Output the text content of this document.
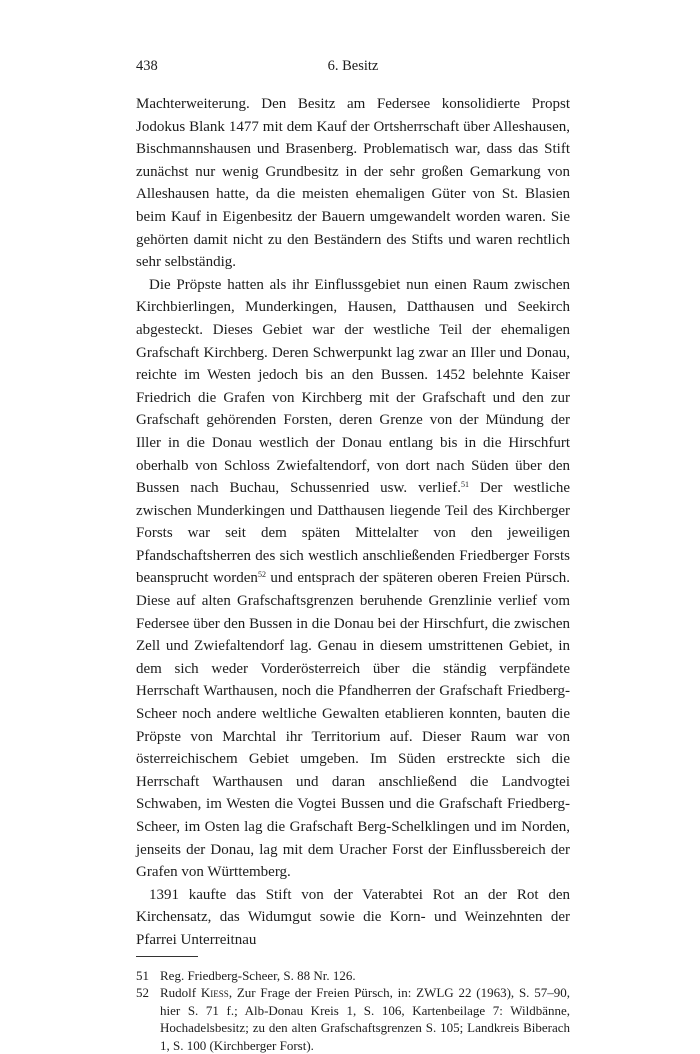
438	6. Besitz

Machterweiterung. Den Besitz am Federsee konsolidierte Propst Jodokus Blank 1477 mit dem Kauf der Ortsherrschaft über Alleshausen, Bischmannshausen und Brasenberg. Problematisch war, dass das Stift zunächst nur wenig Grundbesitz in der sehr großen Gemarkung von Alleshausen hatte, da die meisten ehemaligen Güter von St. Blasien beim Kauf in Eigenbesitz der Bauern umgewandelt worden waren. Sie gehörten damit nicht zu den Beständern des Stifts und waren rechtlich sehr selbständig.

Die Pröpste hatten als ihr Einflussgebiet nun einen Raum zwischen Kirchbierlingen, Munderkingen, Hausen, Datthausen und Seekirch abgesteckt. Dieses Gebiet war der westliche Teil der ehemaligen Grafschaft Kirchberg. Deren Schwerpunkt lag zwar an Iller und Donau, reichte im Westen jedoch bis an den Bussen. 1452 belehnte Kaiser Friedrich die Grafen von Kirchberg mit der Grafschaft und den zur Grafschaft gehörenden Forsten, deren Grenze von der Mündung der Iller in die Donau westlich der Donau entlang bis in die Hirschfurt oberhalb von Schloss Zwiefaltendorf, von dort nach Süden über den Bussen nach Buchau, Schussenried usw. verlief.$^{51}$ Der westliche zwischen Munderkingen und Datthausen liegende Teil des Kirchberger Forsts war seit dem späten Mittelalter von den jeweiligen Pfandschaftsherren des sich westlich anschließenden Friedberger Forsts beansprucht worden$^{52}$ und entsprach der späteren oberen Freien Pürsch. Diese auf alten Grafschaftsgrenzen beruhende Grenzlinie verlief vom Federsee über den Bussen in die Donau bei der Hirschfurt, die zwischen Zell und Zwiefaltendorf lag. Genau in diesem umstrittenen Gebiet, in dem sich weder Vorderösterreich über die ständig verpfändete Herrschaft Warthausen, noch die Pfandherren der Grafschaft Friedberg-Scheer noch andere weltliche Gewalten etablieren konnten, bauten die Pröpste von Marchtal ihr Territorium auf. Dieser Raum war von österreichischem Gebiet umgeben. Im Süden erstreckte sich die Herrschaft Warthausen und daran anschließend die Landvogtei Schwaben, im Westen die Vogtei Bussen und die Grafschaft Friedberg-Scheer, im Osten lag die Grafschaft Berg-Schelklingen und im Norden, jenseits der Donau, lag mit dem Uracher Forst der Einflussbereich der Grafen von Württemberg.

1391 kaufte das Stift von der Vaterabtei Rot an der Rot den Kirchensatz, das Widumgut sowie die Korn- und Weinzehnten der Pfarrei Unterreitnau

51 Reg. Friedberg-Scheer, S. 88 Nr. 126.
52 Rudolf Kiess, Zur Frage der Freien Pürsch, in: ZWLG 22 (1963), S. 57–90, hier S. 71 f.; Alb-Donau Kreis 1, S. 106, Kartenbeilage 7: Wildbänne, Hochadelsbesitz; zu den alten Grafschaftsgrenzen S. 105; Landkreis Biberach 1, S. 100 (Kirchberger Forst).
